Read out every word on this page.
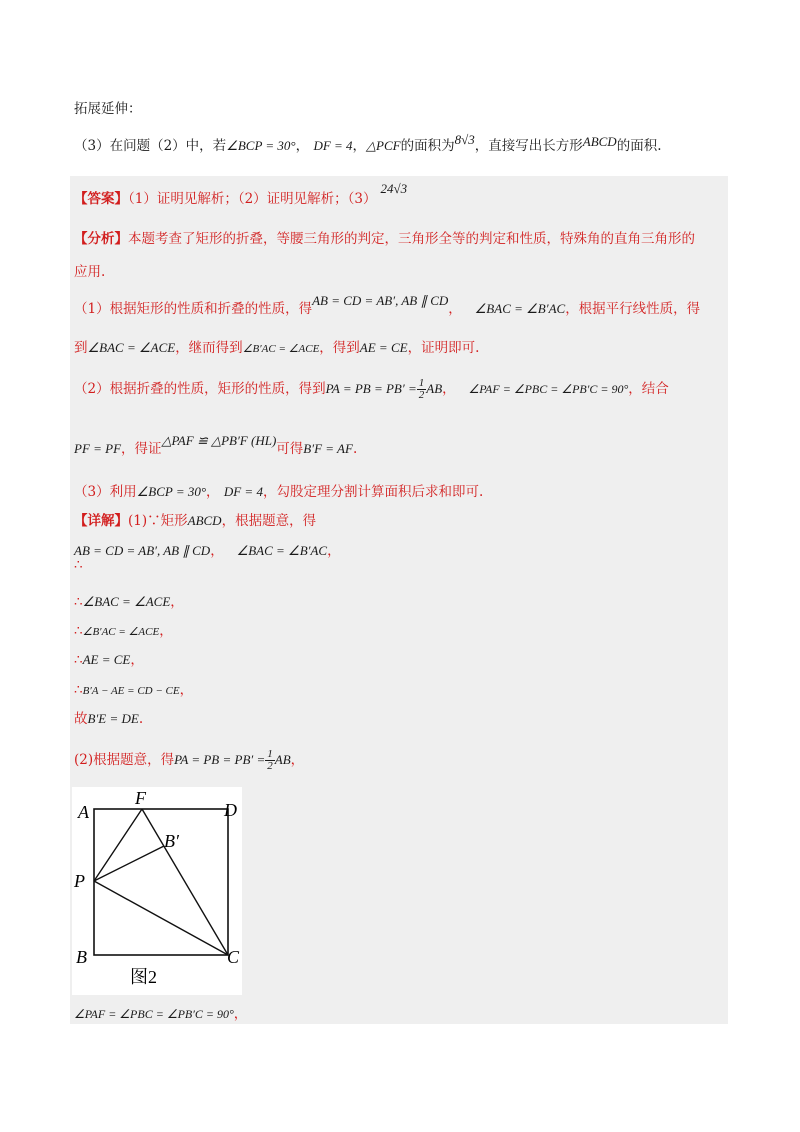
拓展延伸：
（3）在问题（2）中，若∠BCP = 30°， DF = 4，△PCF的面积为8√3，直接写出长方形ABCD的面积.
【答案】（1）证明见解析；（2）证明见解析；（3）24√3
【分析】本题考查了矩形的折叠，等腰三角形的判定，三角形全等的判定和性质，特殊角的直角三角形的
应用.
（1）根据矩形的性质和折叠的性质，得AB = CD = AB′, AB ∥ CD， ∠BAC = ∠B′AC，根据平行线性质，得
到∠BAC = ∠ACE，继而得到∠B′AC = ∠ACE，得到AE = CE，证明即可.
（2）根据折叠的性质，矩形的性质，得到PA = PB = $PB' = \frac{1}{2}$ AB， ∠PAF = ∠PBC = ∠PB′C = 90°，结合
PF = PF，得证△PAF ≌ △PB′F (HL)可得B′F = AF.
（3）利用∠BCP = 30°， DF = 4，勾股定理分割计算面积后求和即可.
【详解】(1)∵矩形ABCD，根据题意，得
AB = CD = AB′, AB ∥ CD， ∠BAC = ∠B′AC，
∴
∴∠BAC = ∠ACE，
∴∠B′AC = ∠ACE，
∴AE = CE，
∴B′A − AE = CD − CE，
故B′E = DE.
(2)根据题意，得PA = PB = $PB' = \frac{1}{2}$ AB，
A
F
D
B′
P
B	C
图2
∠PAF = ∠PBC = ∠PB′C = 90°，
